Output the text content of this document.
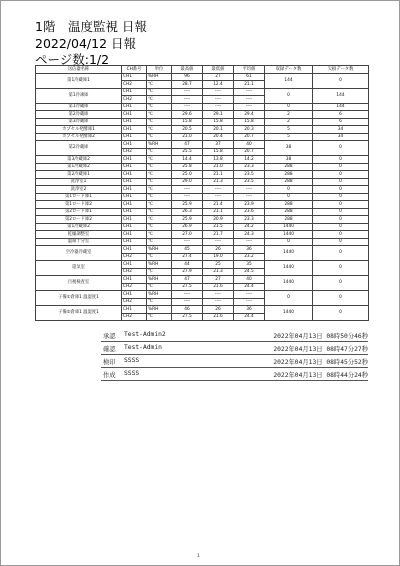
1階　温度監視 日報
2022/04/12 日報
ページ数:1/2
送信器名称	CH番号	単位	最高値	最低値	平均値	収録データ数	欠損データ数
第1冷蔵庫1	CH1	%RH	96	27	61	144	0
	CH2	℃	28.7	12.4	21.1		
第1冷凍庫	CH1	℃	----	----	----	0	144
	CH2	℃	----	----	----		
第1冷蔵庫	CH1	℃	----	----	----	0	144
第2冷蔵庫	CH1	℃	29.6	29.1	29.4	2	6
第3冷蔵庫	CH1	℃	15.8	15.8	15.8	2	6
カプセル発酵庫1	CH1	℃	20.5	20.1	20.3	5	34
カプセル発酵庫2	CH1	℃	21.0	20.4	20.7	5	34
第2冷蔵庫	CH1	%RH	47	37	40	38	0
	CH2	℃	25.5	15.8	20.7		
第3冷蔵庫2	CH1	℃	14.4	13.8	14.2	38	0
第1冷蔵庫2	CH1	℃	25.8	21.0	23.3	288	0
第2冷蔵庫1	CH1	℃	25.0	21.1	23.5	288	0
洗浄室1	CH1	℃	29.0	21.3	23.5	288	0
洗浄室2	CH1	℃	----	----	----	0	0
第1ロード庫1	CH1	℃	----	----	----	0	0
第1ロード庫2	CH1	℃	25.9	21.4	23.9	288	0
第2ロード庫1	CH1	℃	26.3	21.1	23.6	288	0
第2ロード庫2	CH1	℃	25.9	20.9	23.3	288	0
第1冷蔵庫2	CH1	℃	26.9	21.5	24.2	1440	0
乾燥調整室	CH1	℃	27.0	21.7	24.3	1440	0
温制十分室	CH1	℃	----	----	----	0	0
空冷器冷蔵室	CH1	%RH	45	26	36	1440	0
	CH2	℃	27.4	19.0	23.2		
還気室	CH1	%RH	44	25	35	1440	0
	CH2	℃	27.9	21.3	24.5		
目視検査室	CH1	%RH	47	27	40	1440	0
	CH2	℃	27.5	21.6	24.4		
子備①倉庫1 温湿度1	CH1	%RH	----	----	----	0	0
	CH2	℃	----	----	----		
子備②倉庫1 温湿度1	CH1	%RH	46	26	36	1440	0
	CH2	℃	27.5	21.6	24.4		
承認 Test-Admin2	2022年04月13日 08時50分46秒
確認 Test-Admin	2022年04月13日 08時47分27秒
検印 SSSS	2022年04月13日 08時45分52秒
作成 SSSS	2022年04月13日 08時44分24秒
1
